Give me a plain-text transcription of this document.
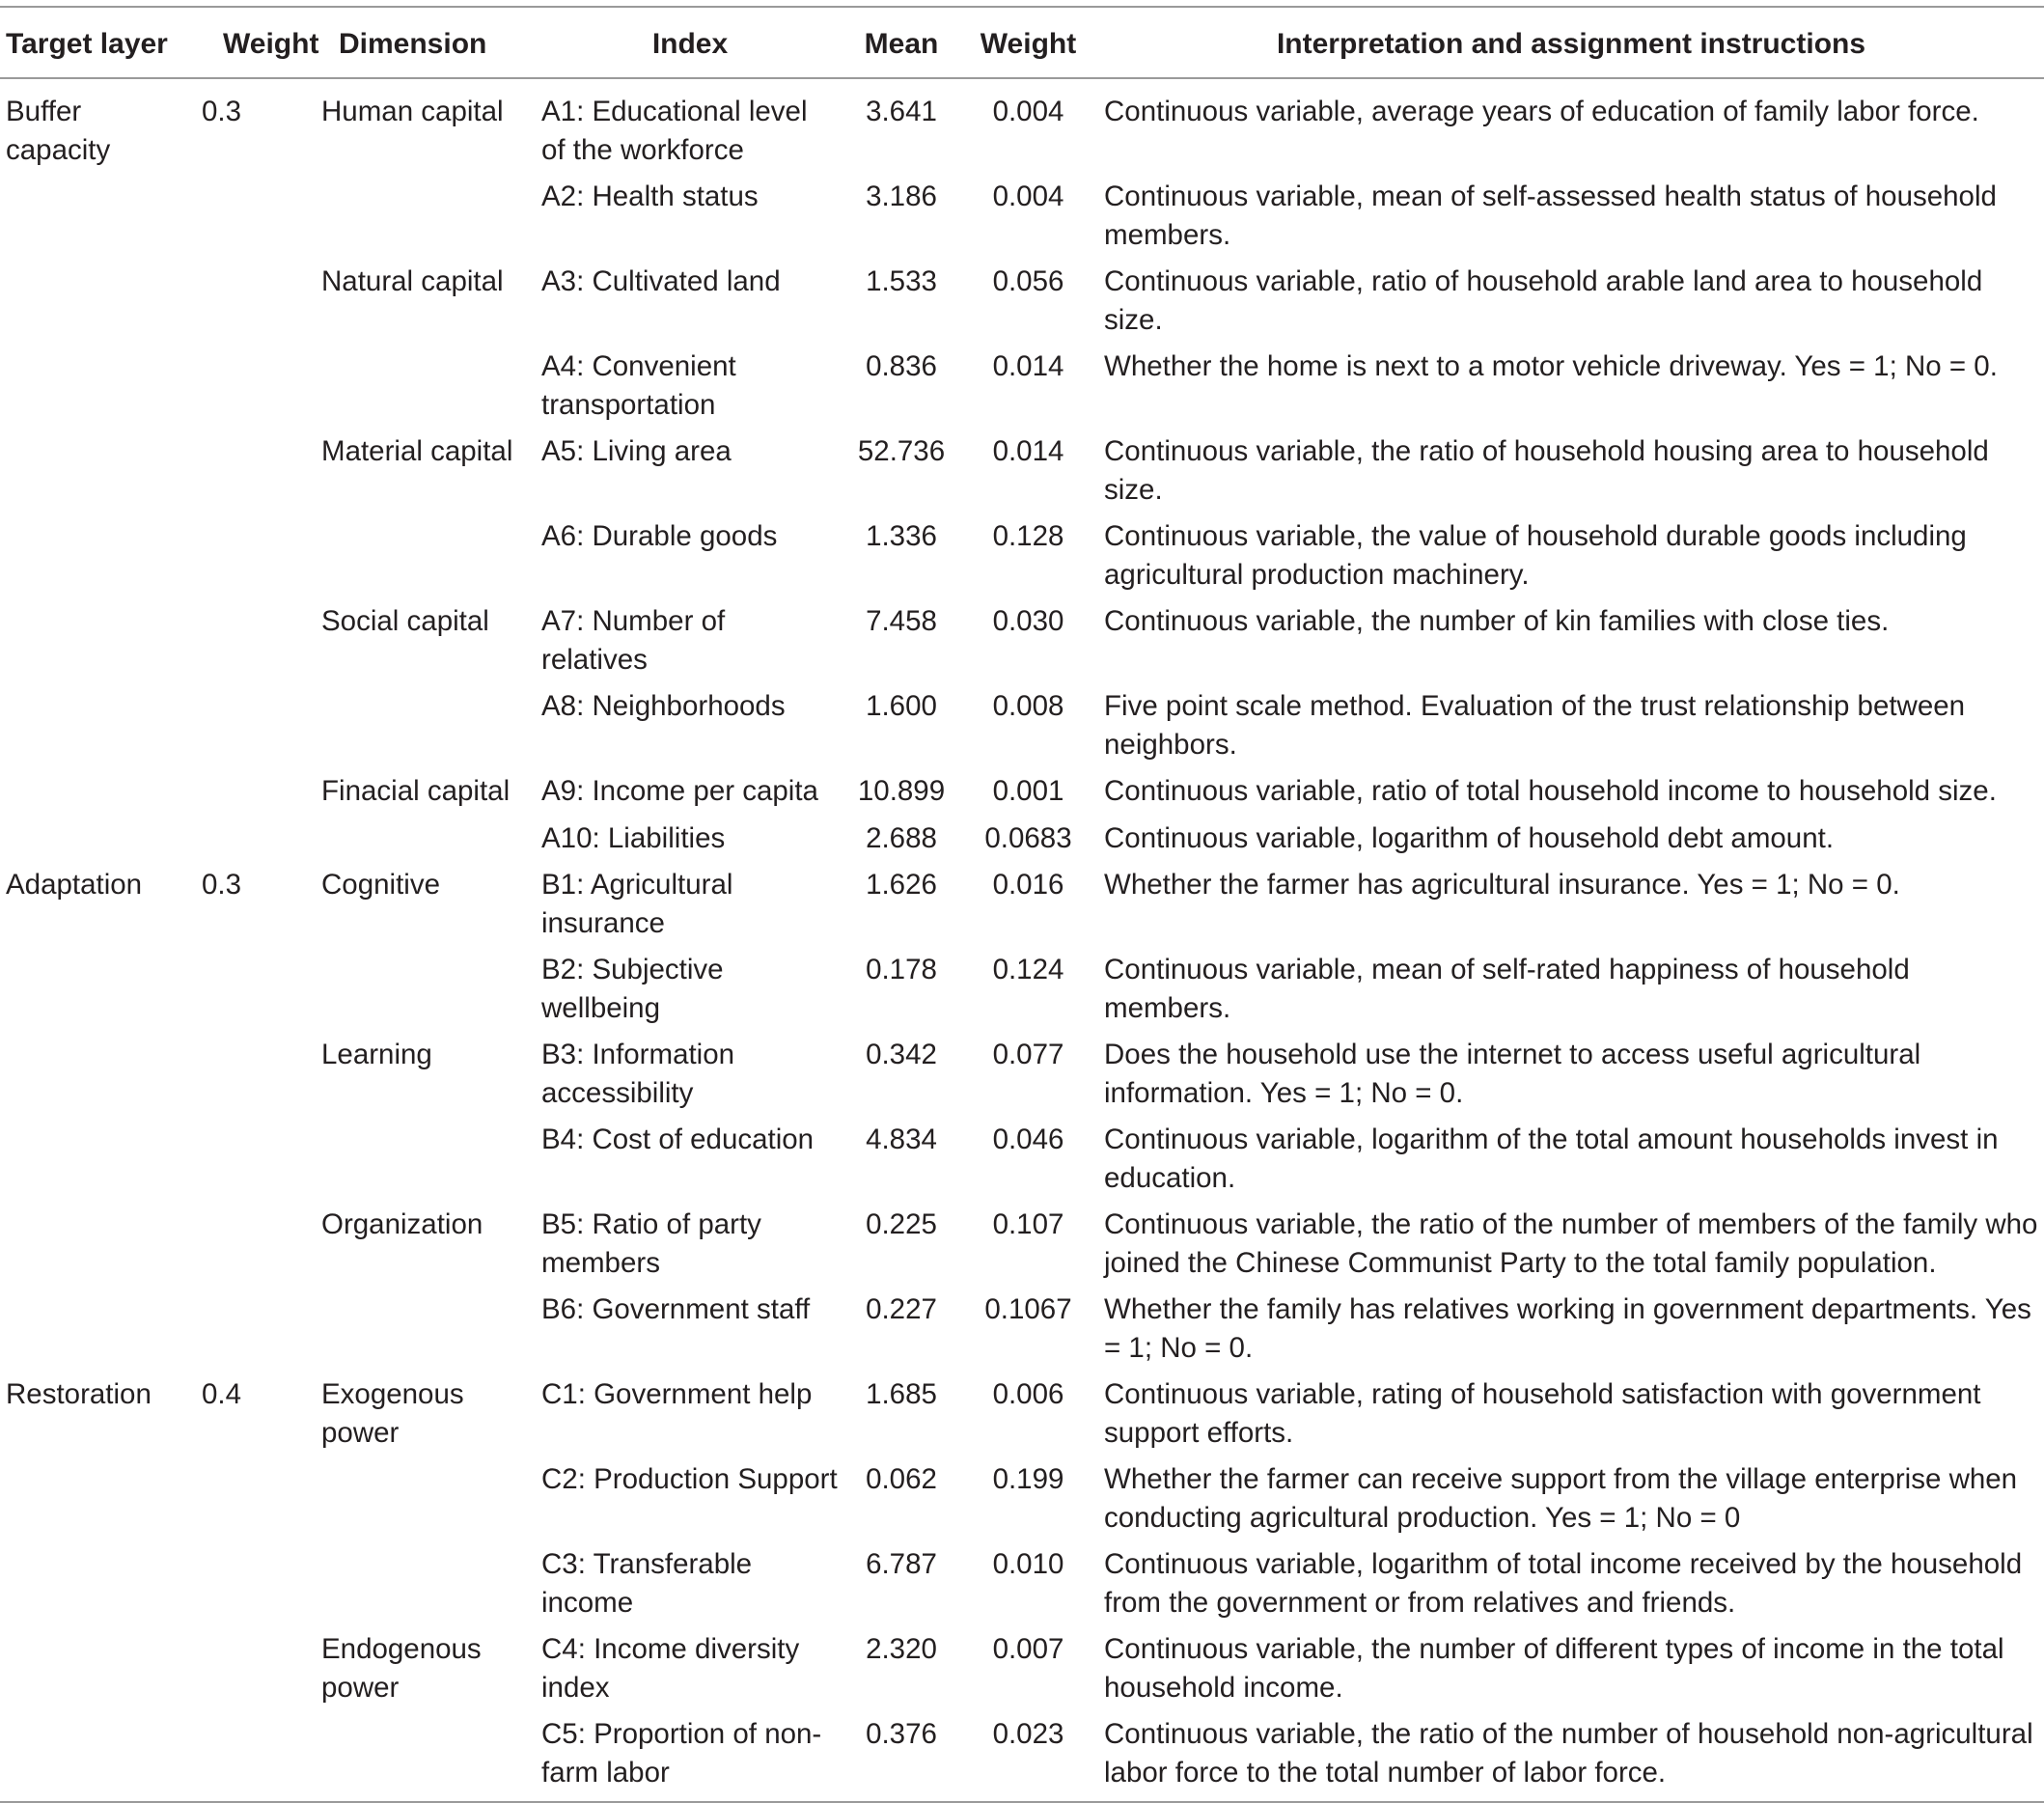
Target layer	Weight	Dimension	Index	Mean	Weight	Interpretation and assignment instructions
Buffer capacity	0.3	Human capital	A1: Educational level of the workforce	3.641	0.004	Continuous variable, average years of education of family labor force.
			A2: Health status	3.186	0.004	Continuous variable, mean of self-assessed health status of household members.
		Natural capital	A3: Cultivated land	1.533	0.056	Continuous variable, ratio of household arable land area to household size.
			A4: Convenient transportation	0.836	0.014	Whether the home is next to a motor vehicle driveway. Yes = 1; No = 0.
		Material capital	A5: Living area	52.736	0.014	Continuous variable, the ratio of household housing area to household size.
			A6: Durable goods	1.336	0.128	Continuous variable, the value of household durable goods including agricultural production machinery.
		Social capital	A7: Number of relatives	7.458	0.030	Continuous variable, the number of kin families with close ties.
			A8: Neighborhoods	1.600	0.008	Five point scale method. Evaluation of the trust relationship between neighbors.
		Finacial capital	A9: Income per capita	10.899	0.001	Continuous variable, ratio of total household income to household size.
			A10: Liabilities	2.688	0.0683	Continuous variable, logarithm of household debt amount.
Adaptation	0.3	Cognitive	B1: Agricultural insurance	1.626	0.016	Whether the farmer has agricultural insurance. Yes = 1; No = 0.
			B2: Subjective wellbeing	0.178	0.124	Continuous variable, mean of self-rated happiness of household members.
		Learning	B3: Information accessibility	0.342	0.077	Does the household use the internet to access useful agricultural information. Yes = 1; No = 0.
			B4: Cost of education	4.834	0.046	Continuous variable, logarithm of the total amount households invest in education.
		Organization	B5: Ratio of party members	0.225	0.107	Continuous variable, the ratio of the number of members of the family who joined the Chinese Communist Party to the total family population.
			B6: Government staff	0.227	0.1067	Whether the family has relatives working in government departments. Yes = 1; No = 0.
Restoration	0.4	Exogenous power	C1: Government help	1.685	0.006	Continuous variable, rating of household satisfaction with government support efforts.
			C2: Production Support	0.062	0.199	Whether the farmer can receive support from the village enterprise when conducting agricultural production. Yes = 1; No = 0
			C3: Transferable income	6.787	0.010	Continuous variable, logarithm of total income received by the household from the government or from relatives and friends.
		Endogenous power	C4: Income diversity index	2.320	0.007	Continuous variable, the number of different types of income in the total household income.
			C5: Proportion of non-farm labor	0.376	0.023	Continuous variable, the ratio of the number of household non-agricultural labor force to the total number of labor force.
